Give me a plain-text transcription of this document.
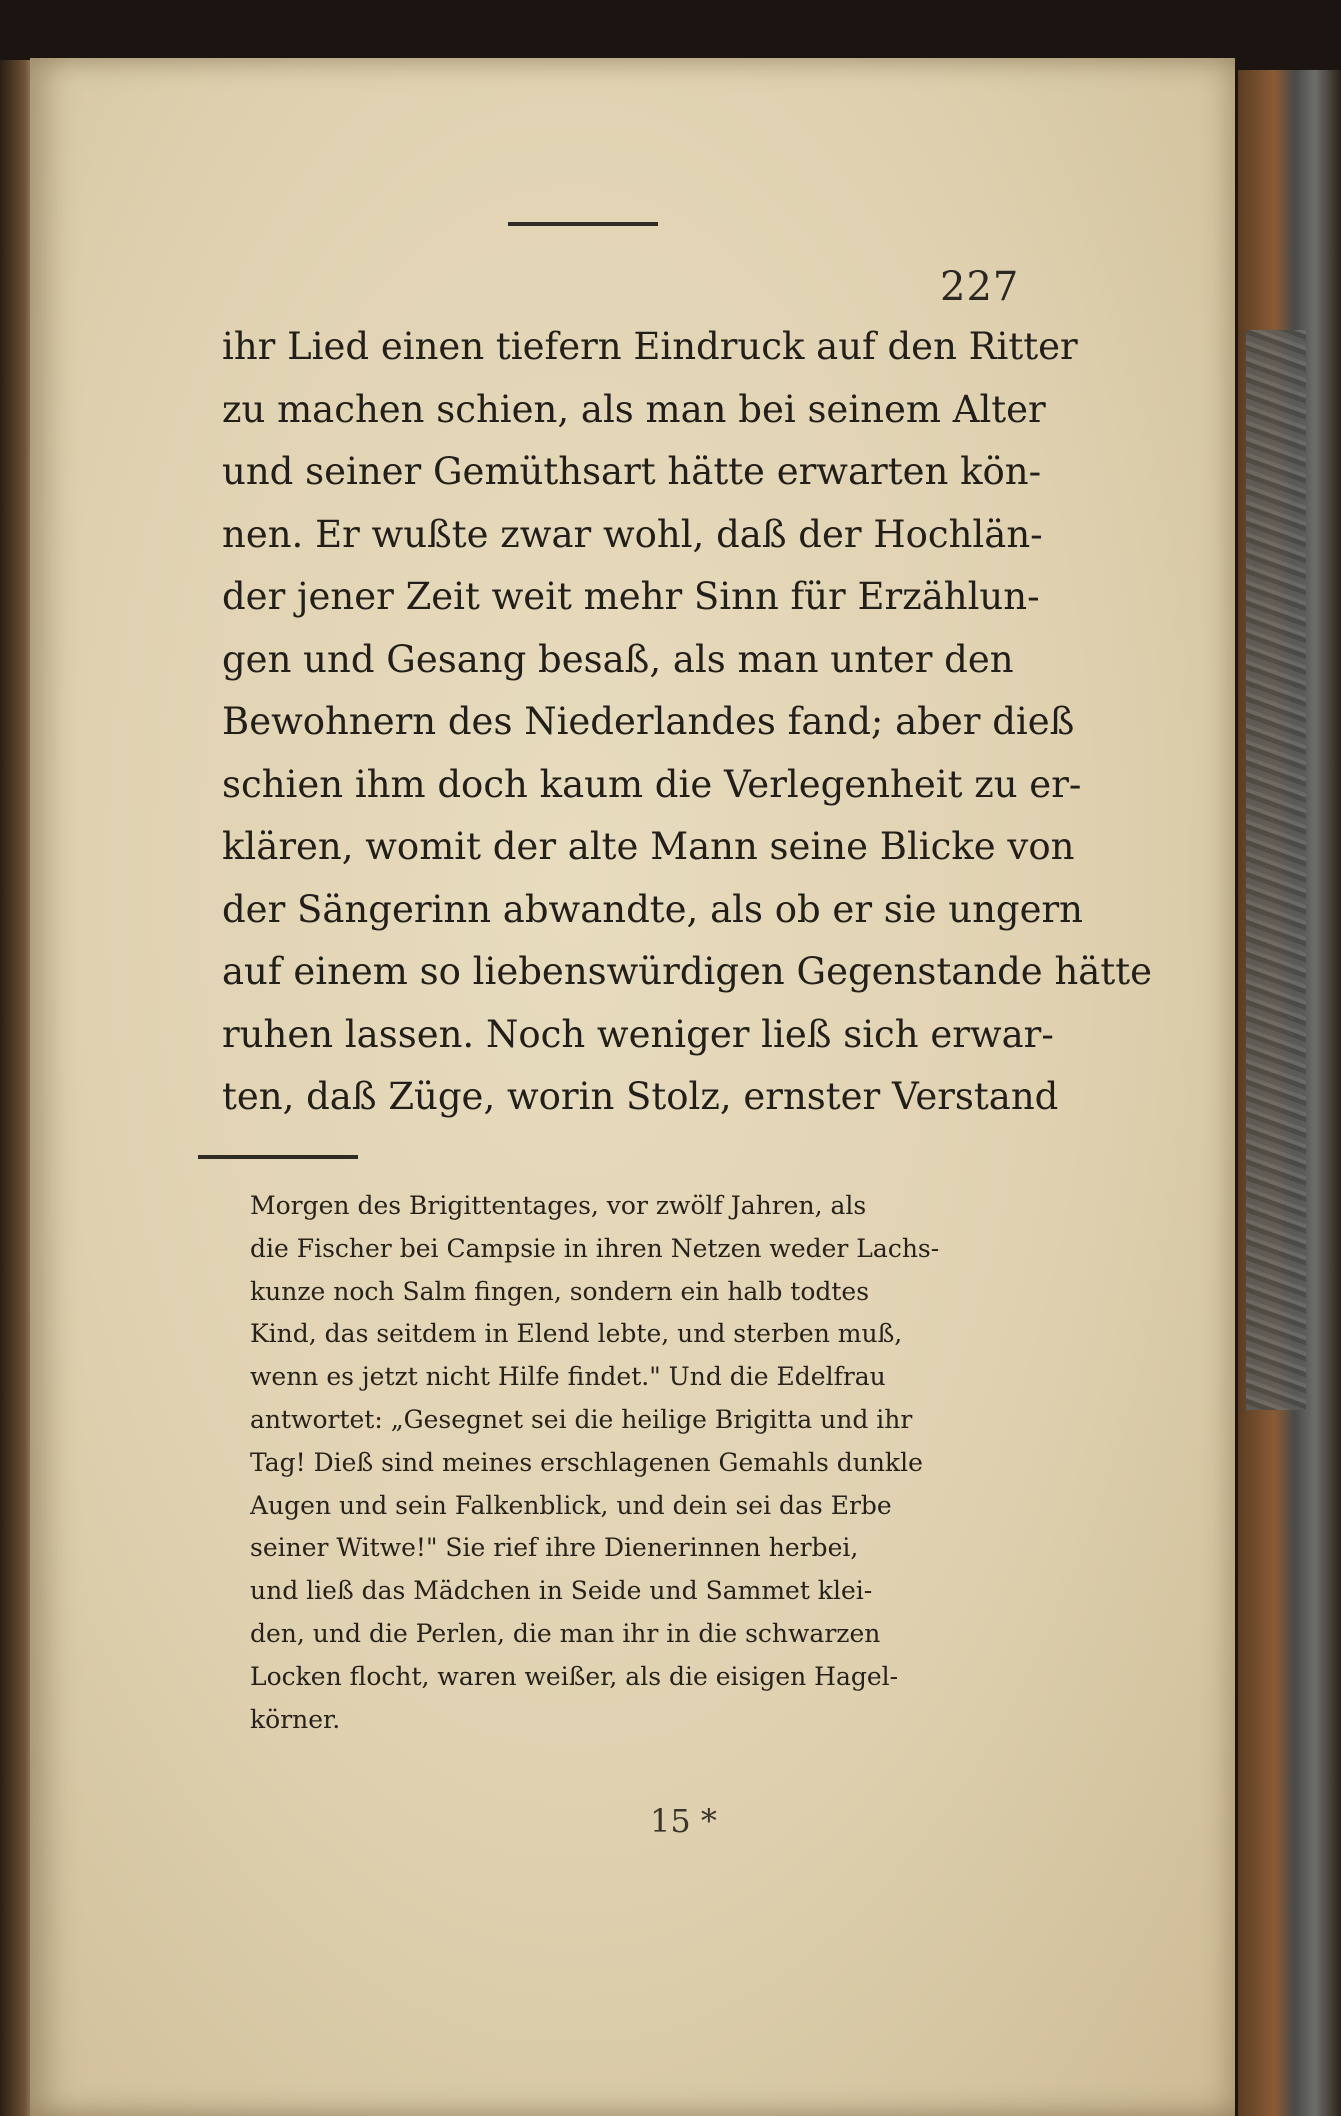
227
ihr Lied einen tiefern Eindruck auf den Ritter
zu machen schien, als man bei seinem Alter
und seiner Gemüthsart hätte erwarten kön-
nen. Er wußte zwar wohl, daß der Hochlän-
der jener Zeit weit mehr Sinn für Erzählun-
gen und Gesang besaß, als man unter den
Bewohnern des Niederlandes fand; aber dieß
schien ihm doch kaum die Verlegenheit zu er-
klären, womit der alte Mann seine Blicke von
der Sängerinn abwandte, als ob er sie ungern
auf einem so liebenswürdigen Gegenstande hätte
ruhen lassen. Noch weniger ließ sich erwar-
ten, daß Züge, worin Stolz, ernster Verstand
Morgen des Brigittentages, vor zwölf Jahren, als
die Fischer bei Campsie in ihren Netzen weder Lachs-
kunze noch Salm fingen, sondern ein halb todtes
Kind, das seitdem in Elend lebte, und sterben muß,
wenn es jetzt nicht Hilfe findet." Und die Edelfrau
antwortet: „Gesegnet sei die heilige Brigitta und ihr
Tag! Dieß sind meines erschlagenen Gemahls dunkle
Augen und sein Falkenblick, und dein sei das Erbe
seiner Witwe!" Sie rief ihre Dienerinnen herbei,
und ließ das Mädchen in Seide und Sammet klei-
den, und die Perlen, die man ihr in die schwarzen
Locken flocht, waren weißer, als die eisigen Hagel-
körner.
15 *
